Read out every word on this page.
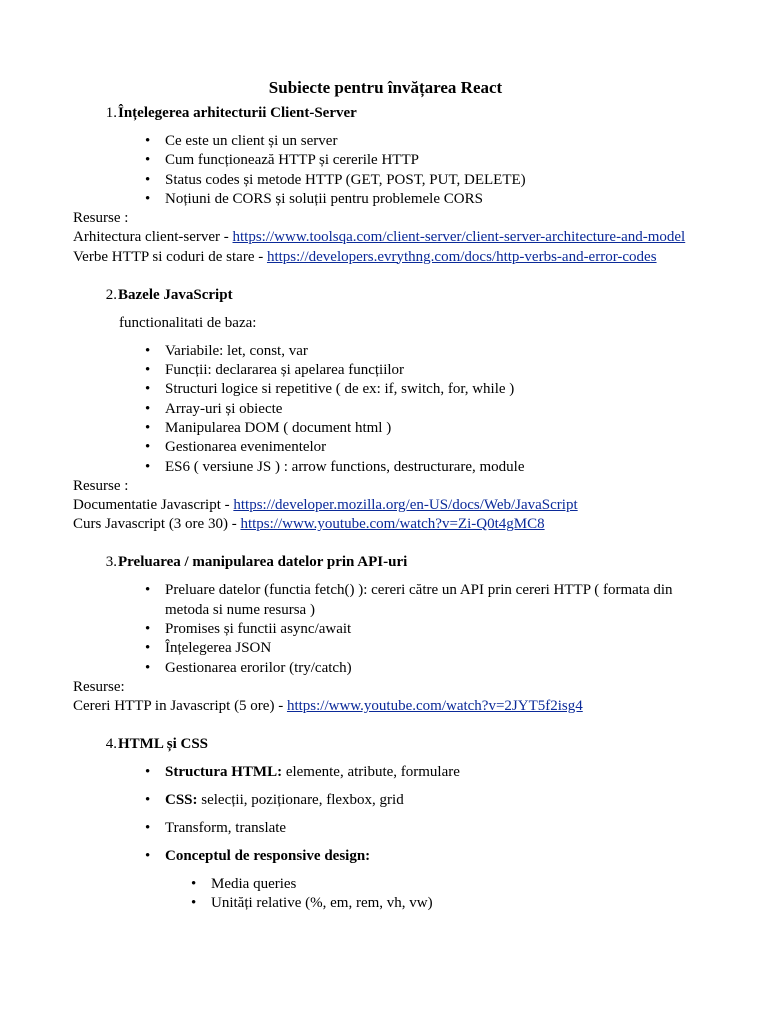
Subiecte pentru învățarea React
1. Înțelegerea arhitecturii Client-Server
• Ce este un client și un server
• Cum funcționează HTTP și cererile HTTP
• Status codes și metode HTTP (GET, POST, PUT, DELETE)
• Noțiuni de CORS și soluții pentru problemele CORS
Resurse :
Arhitectura client-server - https://www.toolsqa.com/client-server/client-server-architecture-and-model
Verbe HTTP si coduri de stare - https://developers.evrythng.com/docs/http-verbs-and-error-codes
2. Bazele JavaScript
functionalitati de baza:
• Variabile: let, const, var
• Funcții: declararea și apelarea funcțiilor
• Structuri logice si repetitive ( de ex: if, switch, for, while )
• Array-uri și obiecte
• Manipularea DOM ( document html )
• Gestionarea evenimentelor
• ES6 ( versiune JS ) : arrow functions, destructurare, module
Resurse :
Documentatie Javascript - https://developer.mozilla.org/en-US/docs/Web/JavaScript
Curs Javascript (3 ore 30) - https://www.youtube.com/watch?v=Zi-Q0t4gMC8
3. Preluarea / manipularea datelor prin API-uri
• Preluare datelor (functia fetch() ): cereri către un API prin cereri HTTP ( formata din metoda si nume resursa )
• Promises și functii async/await
• Înțelegerea JSON
• Gestionarea erorilor (try/catch)
Resurse:
Cereri HTTP in Javascript (5 ore) - https://www.youtube.com/watch?v=2JYT5f2isg4
4. HTML și CSS
• Structura HTML: elemente, atribute, formulare
• CSS: selecții, poziționare, flexbox, grid
• Transform, translate
• Conceptul de responsive design:
• Media queries
• Unități relative (%, em, rem, vh, vw)
